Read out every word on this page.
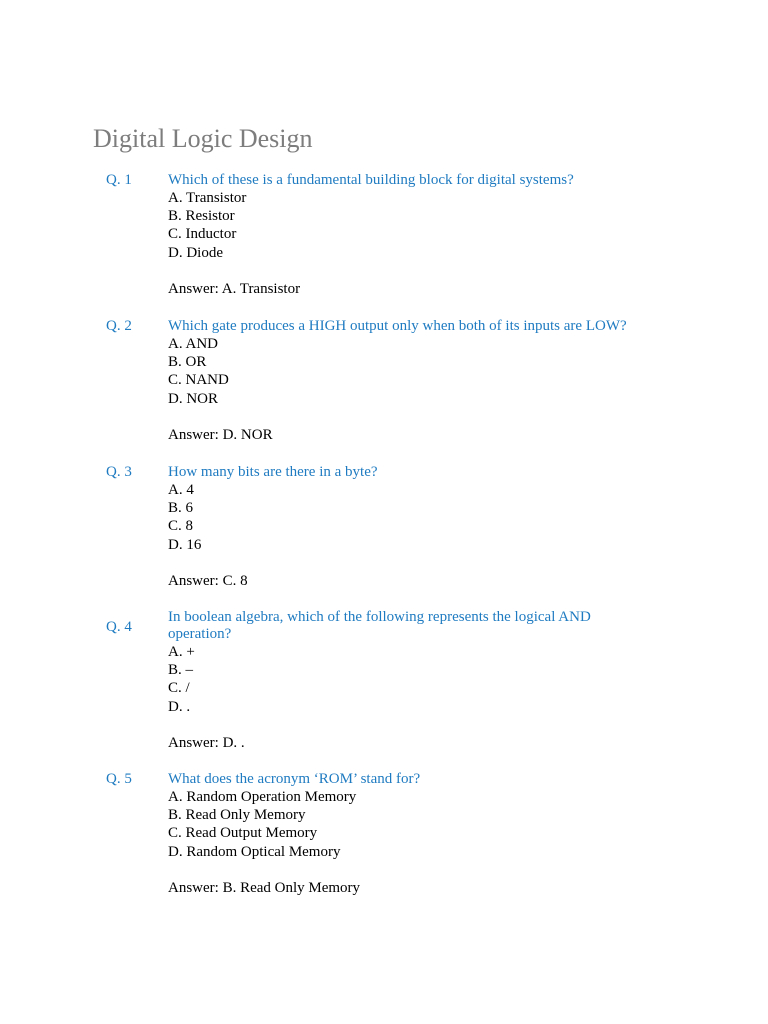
Digital Logic Design
Q. 1 Which of these is a fundamental building block for digital systems?

A. Transistor
B. Resistor
C. Inductor
D. Diode
Answer: A. Transistor
Q. 2 Which gate produces a HIGH output only when both of its inputs are LOW?

A. AND
B. OR
C. NAND
D. NOR
Answer: D. NOR
Q. 3 How many bits are there in a byte?

A. 4
B. 6
C. 8
D. 16
Answer: C. 8
Q. 4

In boolean algebra, which of the following represents the logical AND operation?

A. +
B. –
C. /
D. .
Answer: D. .
Q. 5 What does the acronym ‘ROM’ stand for?

A. Random Operation Memory
B. Read Only Memory
C. Read Output Memory
D. Random Optical Memory
Answer: B. Read Only Memory
